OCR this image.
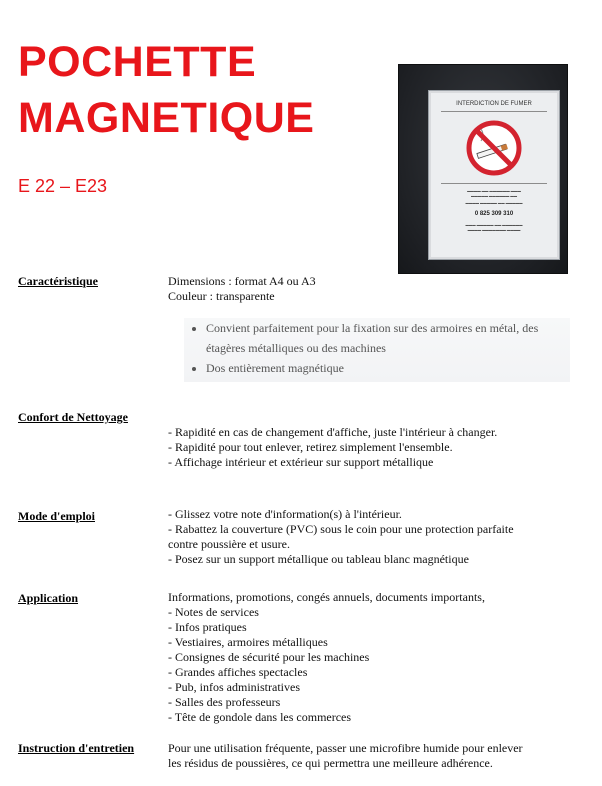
POCHETTE
MAGNETIQUE
E 22 – E23
INTERDICTION DE FUMER
▬▬▬▬ ▬▬ ▬▬▬▬▬▬ ▬▬▬
▬▬▬▬▬ ▬▬▬▬▬▬ ▬▬
▬▬▬▬ ▬▬▬▬▬ ▬▬ ▬▬▬▬▬
0 825 309 310
▬▬▬ ▬▬▬▬▬ ▬▬ ▬▬▬▬▬▬
▬▬▬▬ ▬▬▬▬▬▬▬ ▬▬▬▬
Caractéristique	Dimensions : format A4 ou A3
Couleur : transparente
• Convient parfaitement pour la fixation sur des armoires en métal, des
étagères métalliques ou des machines
• Dos entièrement magnétique
Confort de Nettoyage
- Rapidité en cas de changement d'affiche, juste l'intérieur à changer.
- Rapidité pour tout enlever, retirez simplement l'ensemble.
- Affichage intérieur et extérieur sur support métallique
Mode d'emploi	- Glissez votre note d'information(s) à l'intérieur.
- Rabattez la couverture (PVC) sous le coin pour une protection parfaite
contre poussière et usure.
- Posez sur un support métallique ou tableau blanc magnétique
Application	Informations, promotions, congés annuels, documents importants,
- Notes de services
- Infos pratiques
- Vestiaires, armoires métalliques
- Consignes de sécurité pour les machines
- Grandes affiches spectacles
- Pub, infos administratives
- Salles des professeurs
- Tête de gondole dans les commerces
Instruction d'entretien	Pour une utilisation fréquente, passer une microfibre humide pour enlever
les résidus de poussières, ce qui permettra une meilleure adhérence.
